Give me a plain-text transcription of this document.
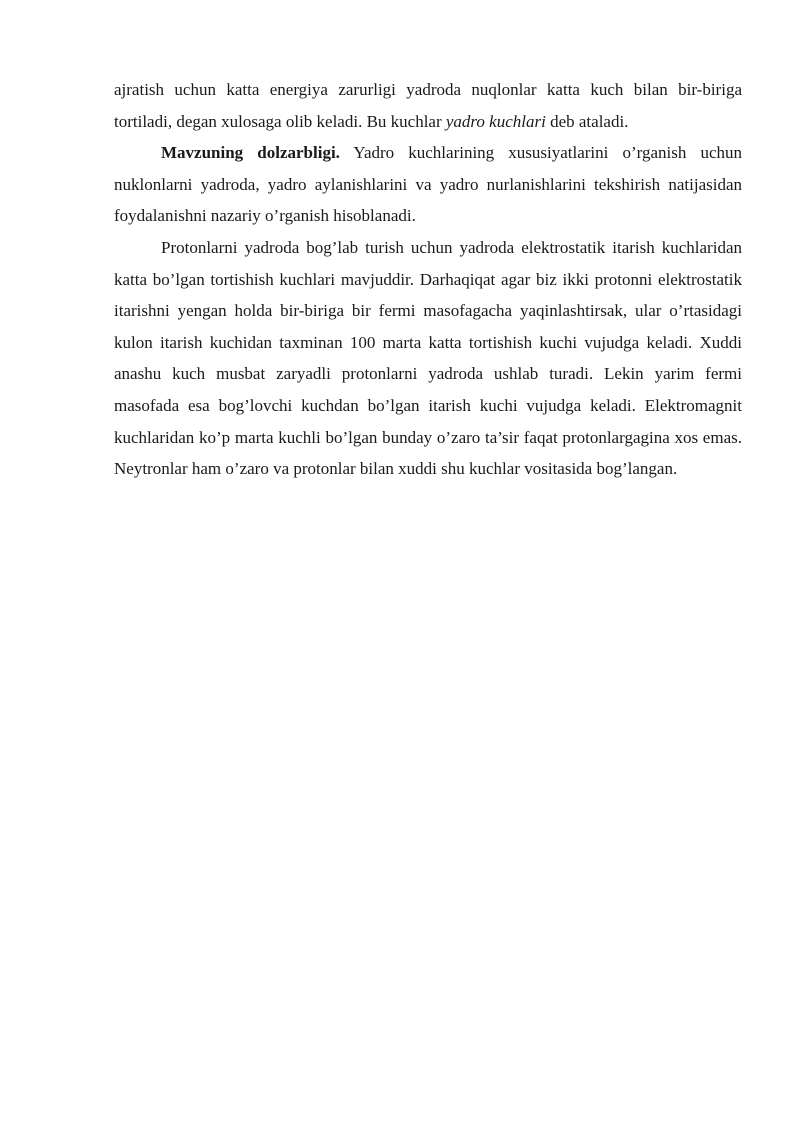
ajratish uchun katta energiya zarurligi yadroda nuqlonlar katta kuch bilan bir-biriga tortiladi, degan xulosaga olib keladi. Bu kuchlar yadro kuchlari deb ataladi.

Mavzuning dolzarbligi. Yadro kuchlarining xususiyatlarini o’rganish uchun nuklonlarni yadroda, yadro aylanishlarini va yadro nurlanishlarini tekshirish natijasidan foydalanishni nazariy o’rganish hisoblanadi.

Protonlarni yadroda bog’lab turish uchun yadroda elektrostatik itarish kuchlaridan katta bo’lgan tortishish kuchlari mavjuddir. Darhaqiqat agar biz ikki protonni elektrostatik itarishni yengan holda bir-biriga bir fermi masofagacha yaqinlashtirsak, ular o’rtasidagi kulon itarish kuchidan taxminan 100 marta katta tortishish kuchi vujudga keladi. Xuddi anashu kuch musbat zaryadli protonlarni yadroda ushlab turadi. Lekin yarim fermi masofada esa bog’lovchi kuchdan bo’lgan itarish kuchi vujudga keladi. Elektromagnit kuchlaridan ko’p marta kuchli bo’lgan bunday o’zaro ta’sir faqat protonlargagina xos emas. Neytronlar ham o’zaro va protonlar bilan xuddi shu kuchlar vositasida bog’langan.
